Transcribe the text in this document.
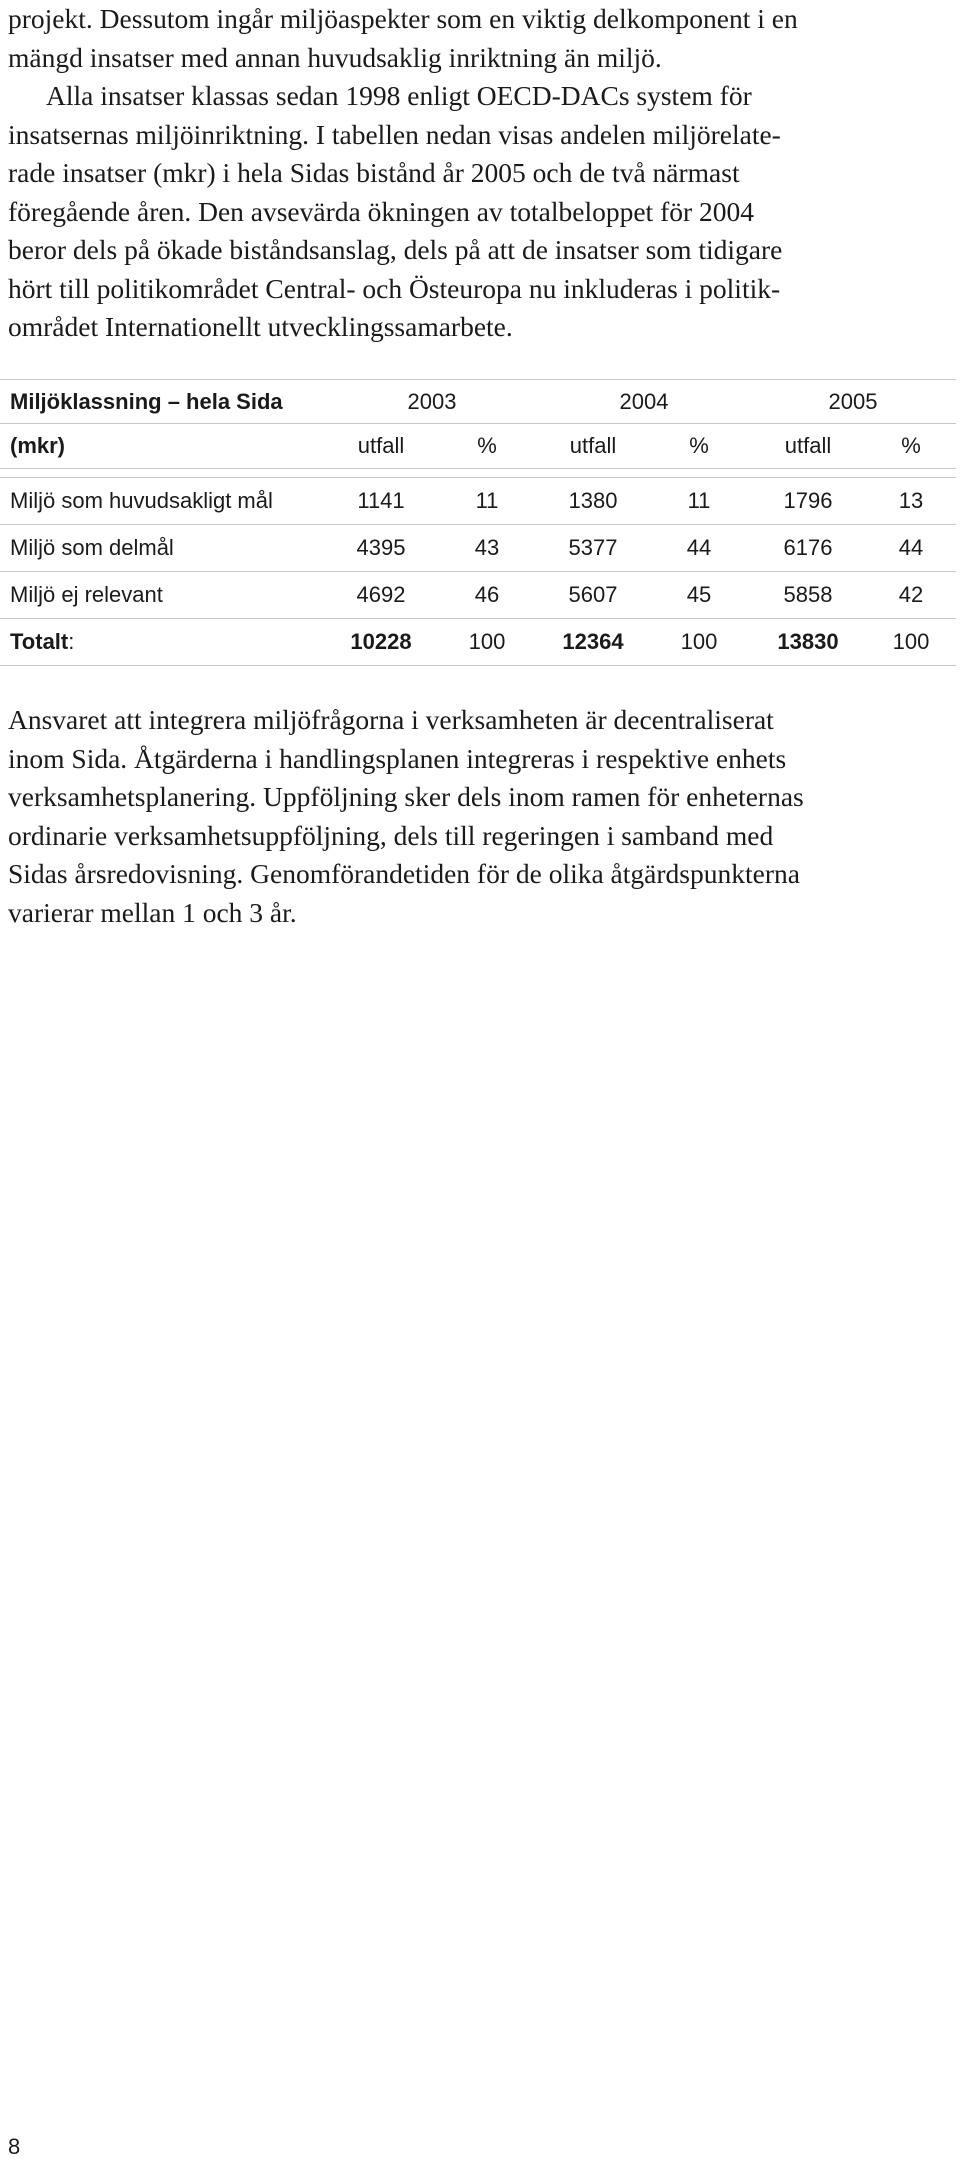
projekt. Dessutom ingår miljöaspekter som en viktig delkomponent i en
mängd insatser med annan huvudsaklig inriktning än miljö.
Alla insatser klassas sedan 1998 enligt OECD-DACs system för
insatsernas miljöinriktning. I tabellen nedan visas andelen miljörelate-
rade insatser (mkr) i hela Sidas bistånd år 2005 och de två närmast
föregående åren. Den avsevärda ökningen av totalbeloppet för 2004
beror dels på ökade biståndsanslag, dels på att de insatser som tidigare
hört till politikområdet Central- och Östeuropa nu inkluderas i politik-
området Internationellt utvecklingssamarbete.
Miljöklassning – hela Sida	2003		2004		2005	
(mkr)	utfall	%	utfall	%	utfall	%

Miljö som huvudsakligt mål	1141	11	1380	11	1796	13
Miljö som delmål	4395	43	5377	44	6176	44
Miljö ej relevant	4692	46	5607	45	5858	42
Totalt:	10228	100	12364	100	13830	100
Ansvaret att integrera miljöfrågorna i verksamheten är decentraliserat
inom Sida. Åtgärderna i handlingsplanen integreras i respektive enhets
verksamhetsplanering. Uppföljning sker dels inom ramen för enheternas
ordinarie verksamhetsuppföljning, dels till regeringen i samband med
Sidas årsredovisning. Genomförandetiden för de olika åtgärdspunkterna
varierar mellan 1 och 3 år.
8
